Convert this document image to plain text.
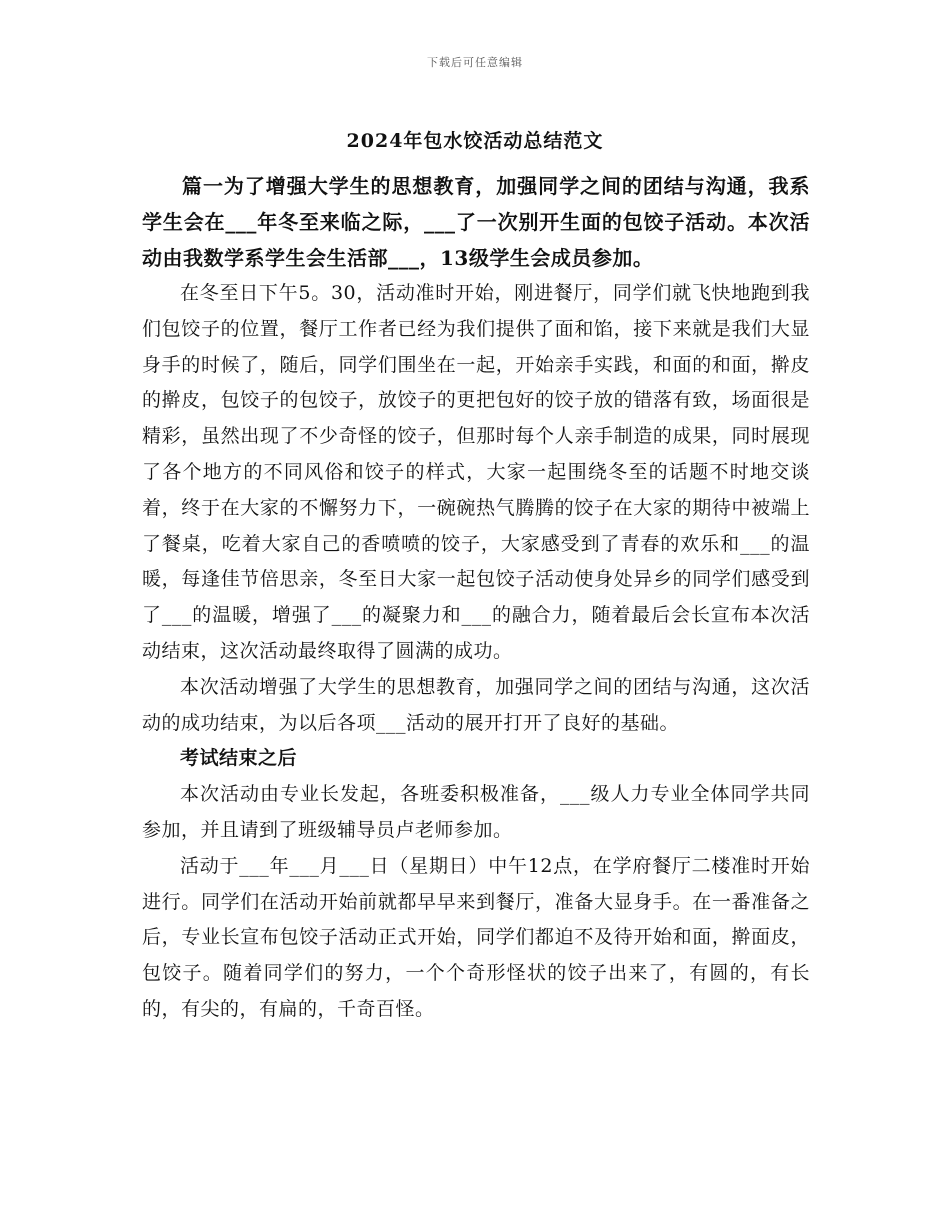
下载后可任意编辑
2024年包水饺活动总结范文

篇一为了增强大学生的思想教育，加强同学之间的团结与沟通，我系学生会在___年冬至来临之际，___了一次别开生面的包饺子活动。本次活动由我数学系学生会生活部___，13级学生会成员参加。

在冬至日下午5。30，活动准时开始，刚进餐厅，同学们就飞快地跑到我们包饺子的位置，餐厅工作者已经为我们提供了面和馅，接下来就是我们大显身手的时候了，随后，同学们围坐在一起，开始亲手实践，和面的和面，擀皮的擀皮，包饺子的包饺子，放饺子的更把包好的饺子放的错落有致，场面很是精彩，虽然出现了不少奇怪的饺子，但那时每个人亲手制造的成果，同时展现了各个地方的不同风俗和饺子的样式，大家一起围绕冬至的话题不时地交谈着，终于在大家的不懈努力下，一碗碗热气腾腾的饺子在大家的期待中被端上了餐桌，吃着大家自己的香喷喷的饺子，大家感受到了青春的欢乐和___的温暖，每逢佳节倍思亲，冬至日大家一起包饺子活动使身处异乡的同学们感受到了___的温暖，增强了___的凝聚力和___的融合力，随着最后会长宣布本次活动结束，这次活动最终取得了圆满的成功。

本次活动增强了大学生的思想教育，加强同学之间的团结与沟通，这次活动的成功结束，为以后各项___活动的展开打开了良好的基础。

考试结束之后

本次活动由专业长发起，各班委积极准备，___级人力专业全体同学共同参加，并且请到了班级辅导员卢老师参加。

活动于___年___月___日（星期日）中午12点，在学府餐厅二楼准时开始进行。同学们在活动开始前就都早早来到餐厅，准备大显身手。在一番准备之后，专业长宣布包饺子活动正式开始，同学们都迫不及待开始和面，擀面皮，包饺子。随着同学们的努力，一个个奇形怪状的饺子出来了，有圆的，有长的，有尖的，有扁的，千奇百怪。
